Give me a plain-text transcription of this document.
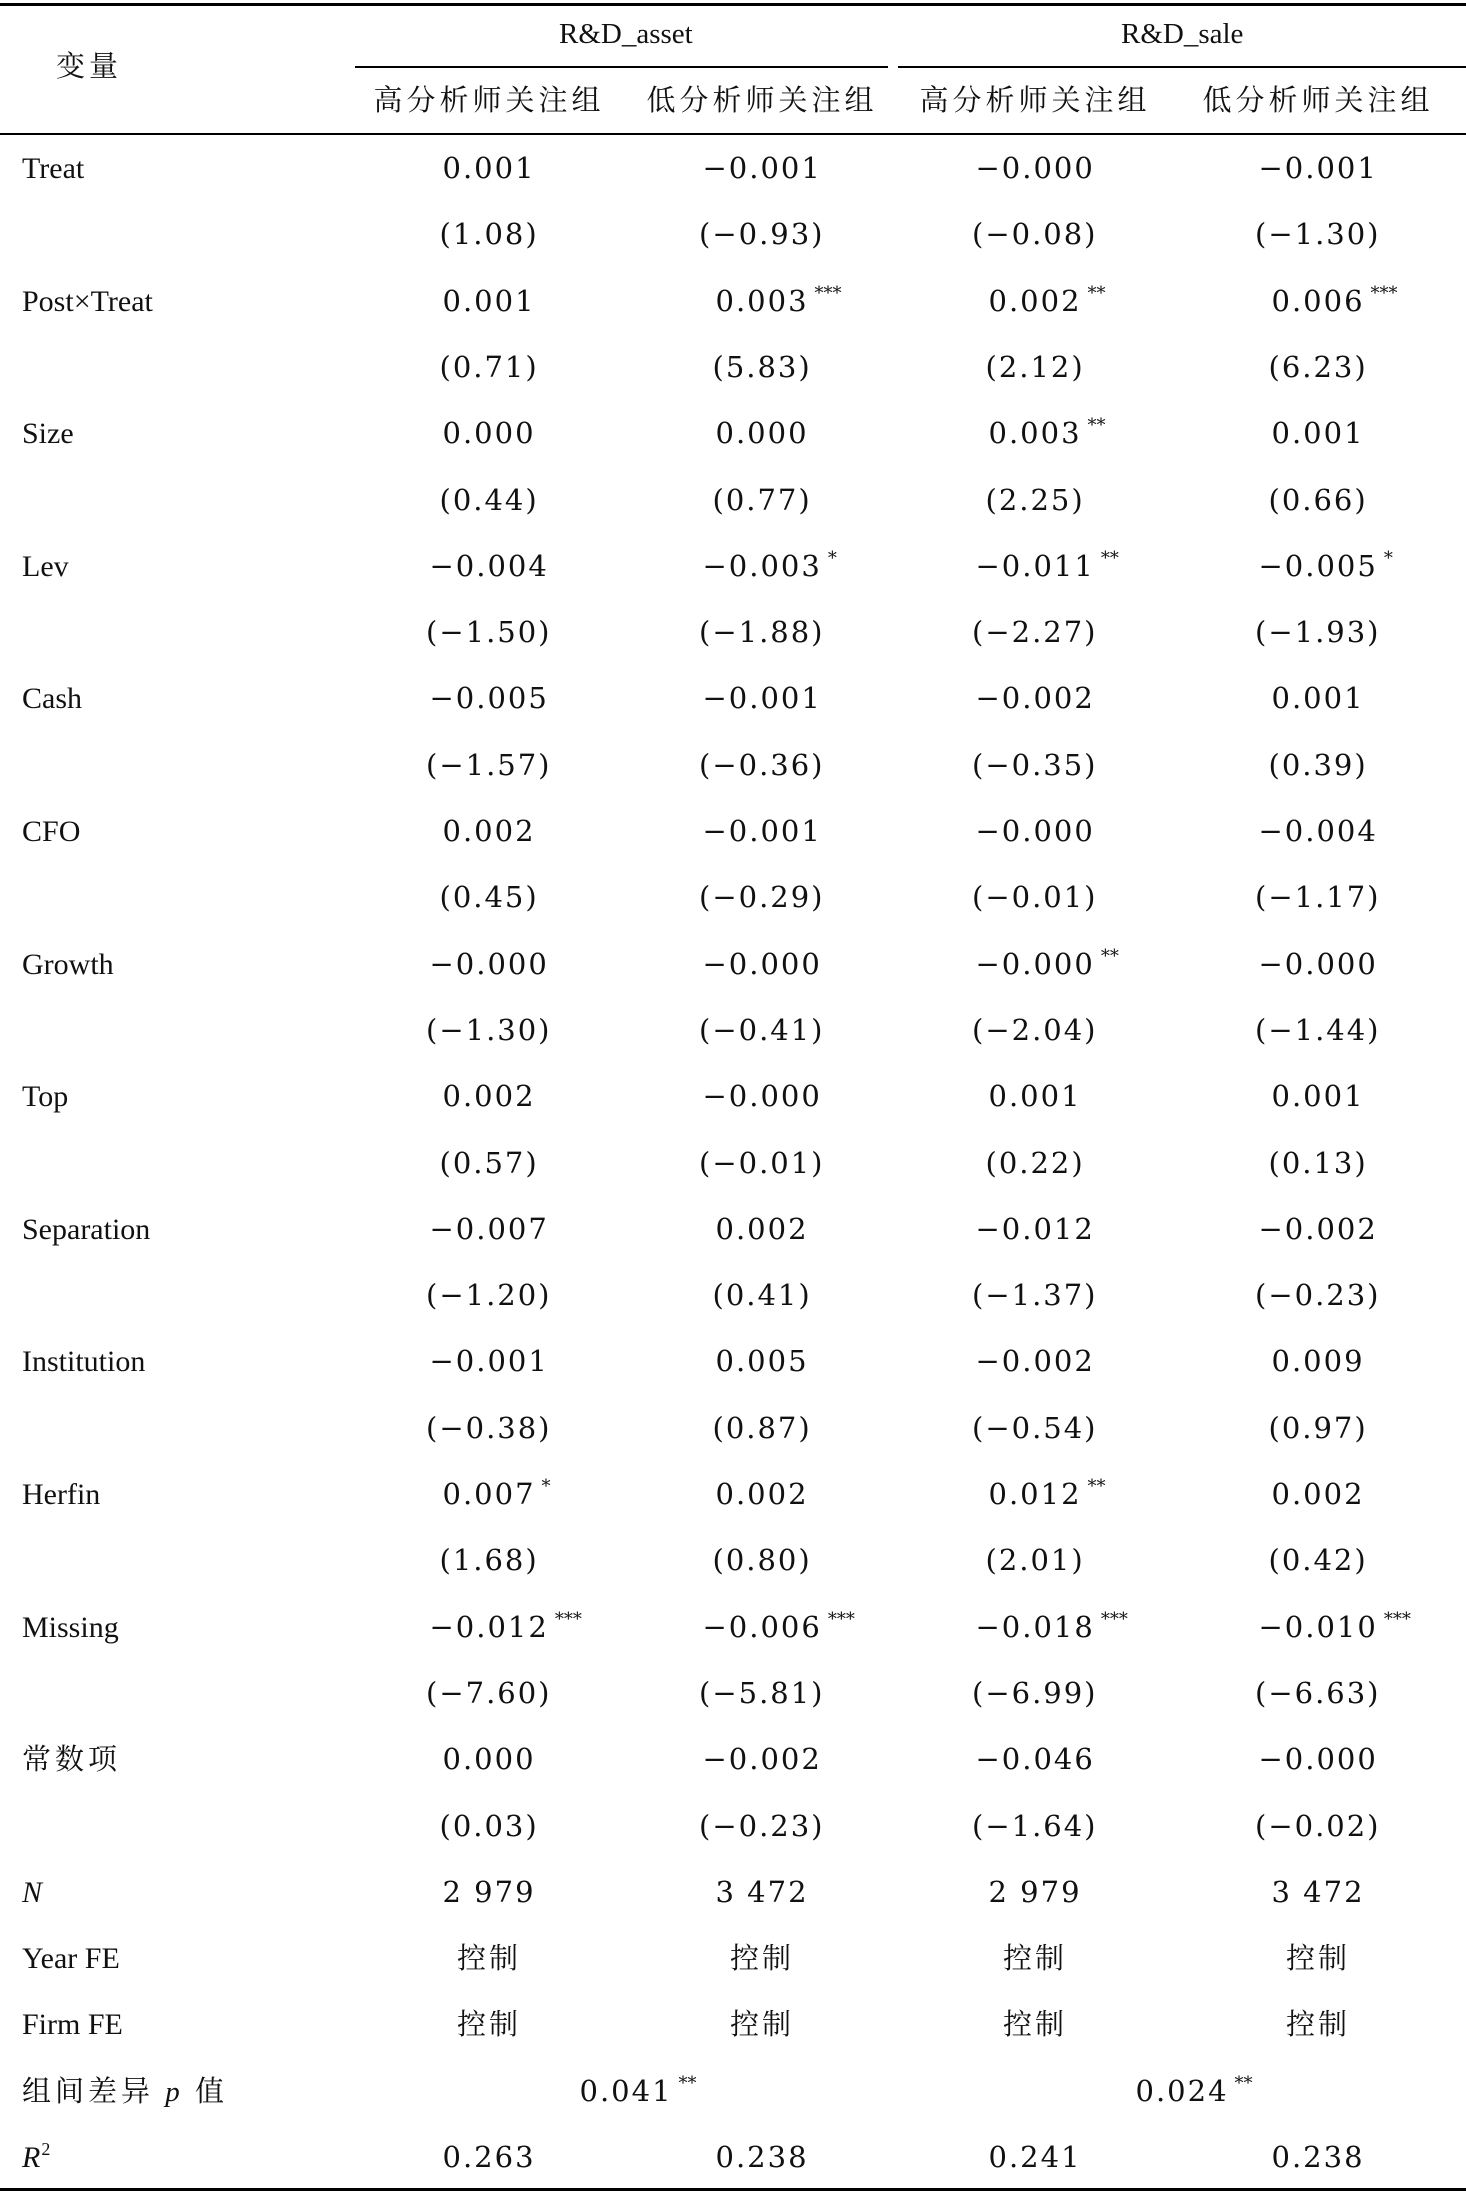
变量
R&D_asset	R&D_sale
高分析师关注组 低分析师关注组 高分析师关注组 低分析师关注组
Treat	0.001	−0.001	−0.000	−0.001
(1.08)	(−0.93)	(−0.08)	(−1.30)
Post×Treat	0.001	0.003 ***	0.002 **	0.006 ***
(0.71)	(5.83)	(2.12)	(6.23)
Size	0.000	0.000	0.003 **	0.001
(0.44)	(0.77)	(2.25)	(0.66)
Lev	−0.004	−0.003 *	−0.011 **	−0.005 *
(−1.50)	(−1.88)	(−2.27)	(−1.93)
Cash	−0.005	−0.001	−0.002	0.001
(−1.57)	(−0.36)	(−0.35)	(0.39)
CFO	0.002	−0.001	−0.000	−0.004
(0.45)	(−0.29)	(−0.01)	(−1.17)
Growth	−0.000	−0.000	−0.000 **	−0.000
(−1.30)	(−0.41)	(−2.04)	(−1.44)
Top	0.002	−0.000	0.001	0.001
(0.57)	(−0.01)	(0.22)	(0.13)
Separation	−0.007	0.002	−0.012	−0.002
(−1.20)	(0.41)	(−1.37)	(−0.23)
Institution	−0.001	0.005	−0.002	0.009
(−0.38)	(0.87)	(−0.54)	(0.97)
Herfin	0.007 *	0.002	0.012 **	0.002
(1.68)	(0.80)	(2.01)	(0.42)
Missing	−0.012 ***	−0.006 ***	−0.018 ***	−0.010 ***
(−7.60)	(−5.81)	(−6.99)	(−6.63)
常数项	0.000	−0.002	−0.046	−0.000
(0.03)	(−0.23)	(−1.64)	(−0.02)
N	2 979	3 472	2 979	3 472
Year FE	控制	控制	控制	控制
Firm FE	控制	控制	控制	控制
组间差异 p 值	0.041 **	0.024 **
$R^2$	0.263	0.238	0.241	0.238
